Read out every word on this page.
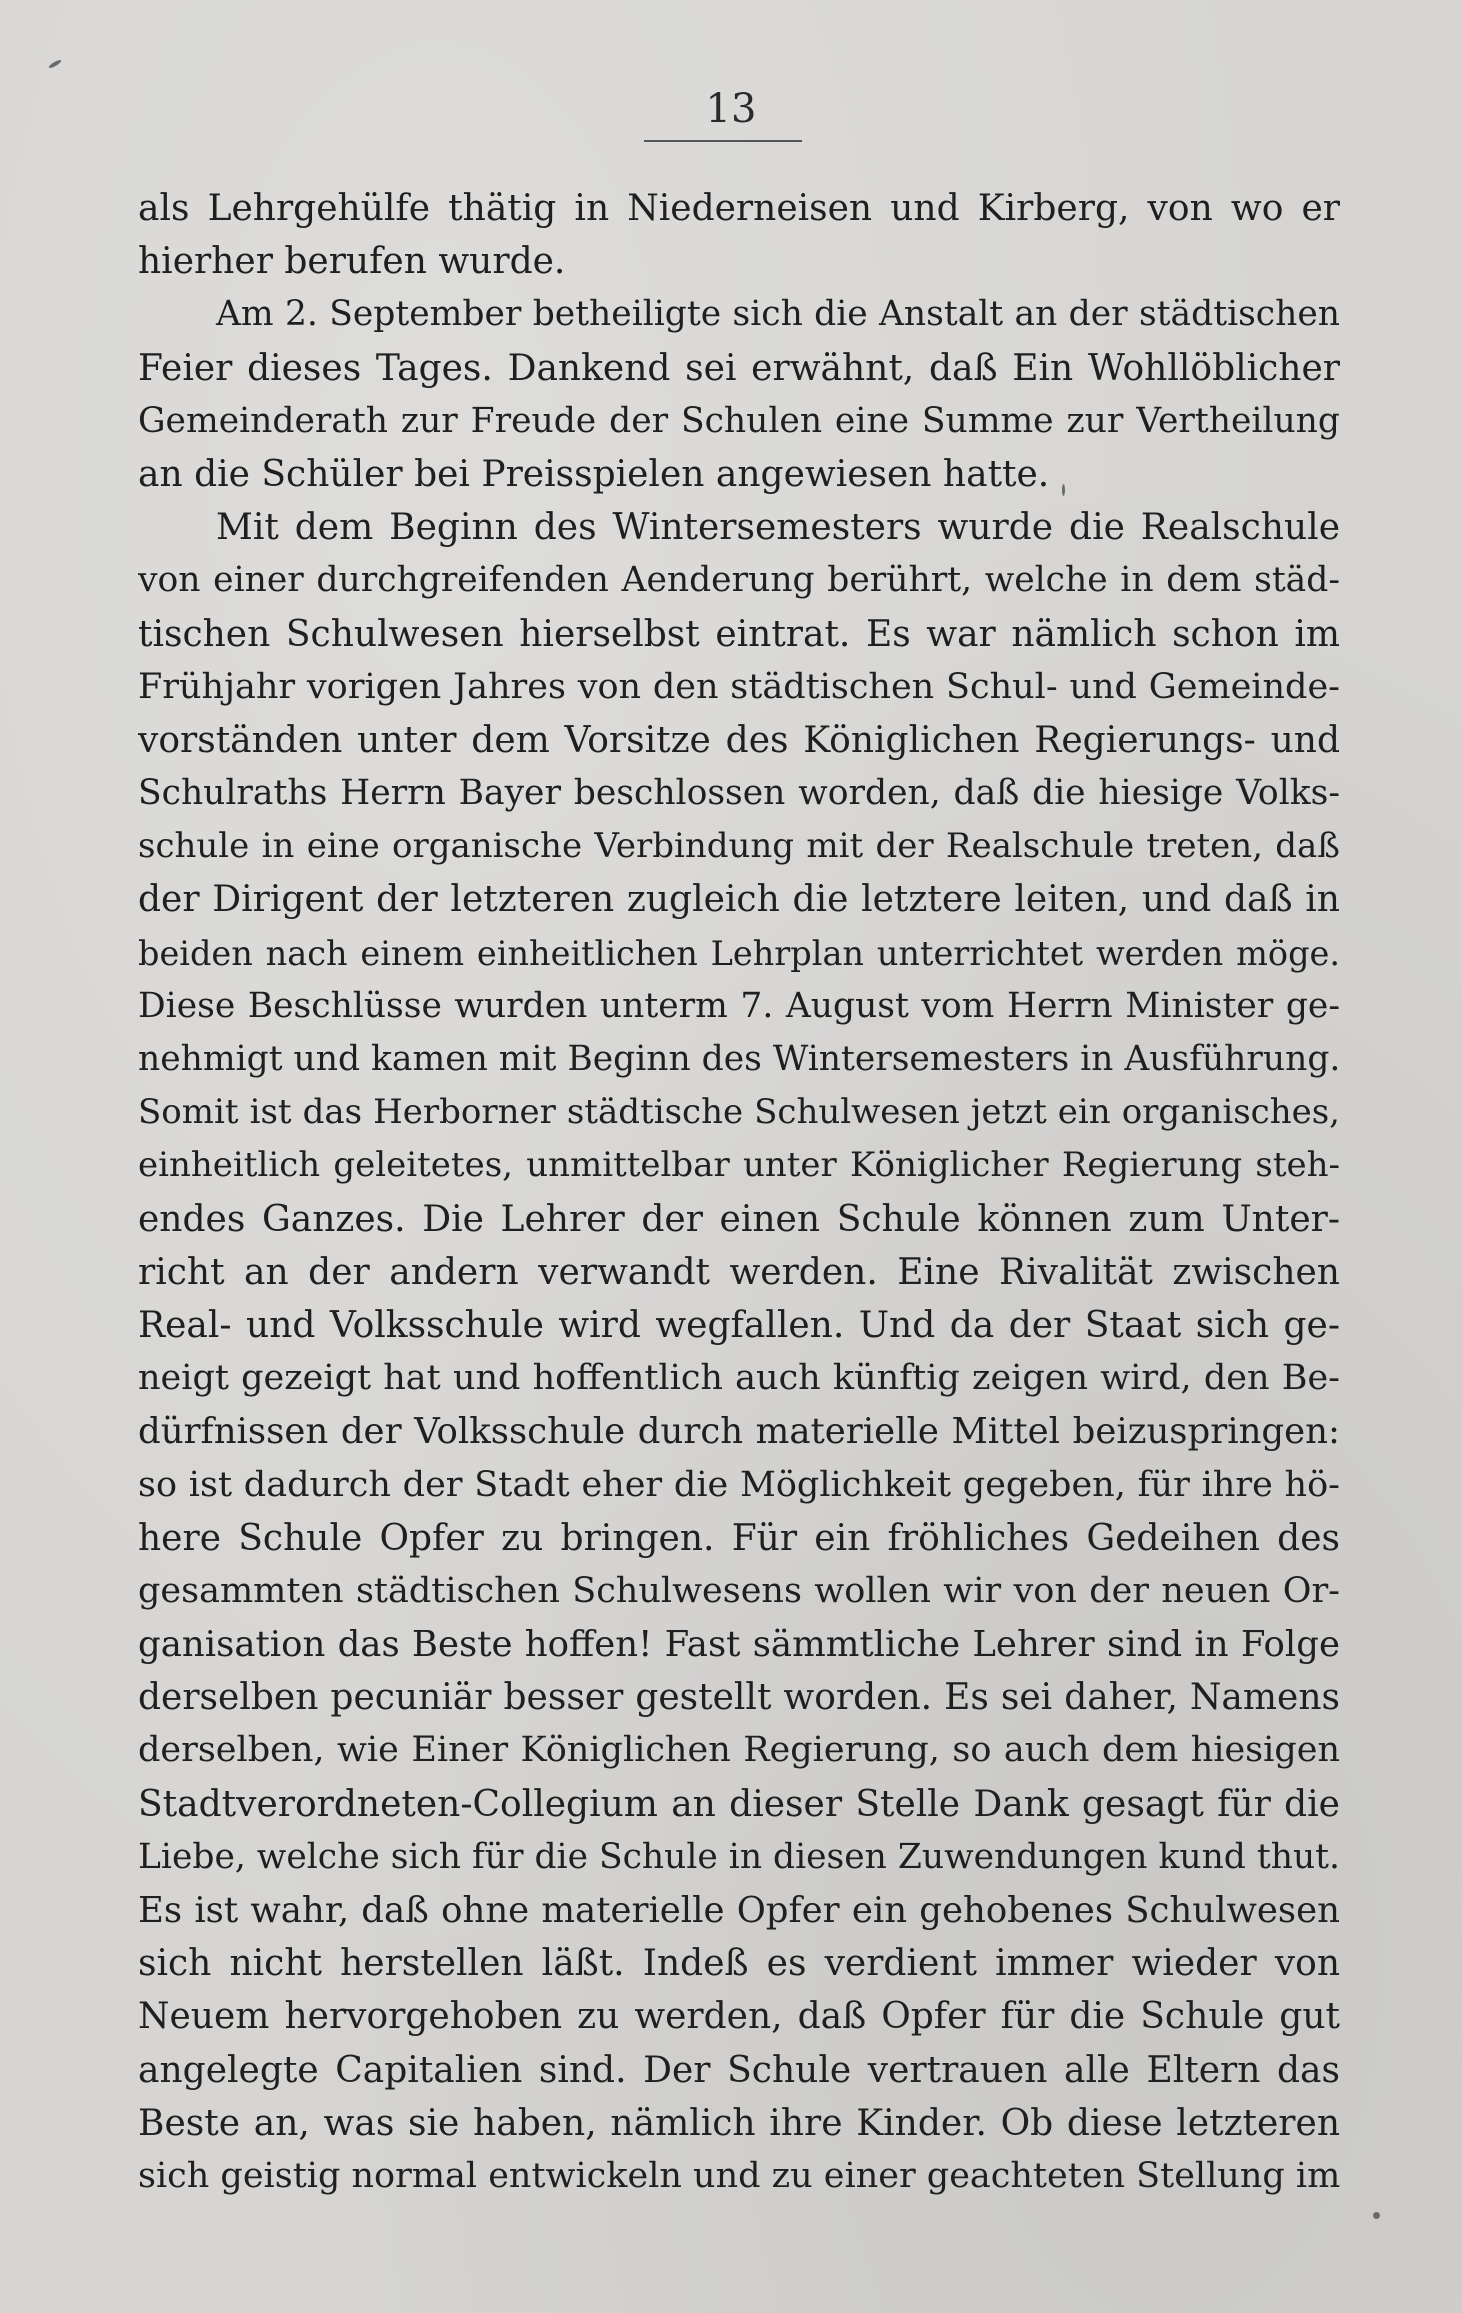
13
als Lehrgehülfe thätig in Niederneisen und Kirberg, von wo er
hierher berufen wurde.
Am 2. September betheiligte sich die Anstalt an der städtischen
Feier dieses Tages. Dankend sei erwähnt, daß Ein Wohllöblicher
Gemeinderath zur Freude der Schulen eine Summe zur Vertheilung
an die Schüler bei Preisspielen angewiesen hatte.
Mit dem Beginn des Wintersemesters wurde die Realschule
von einer durchgreifenden Aenderung berührt, welche in dem städ-
tischen Schulwesen hierselbst eintrat. Es war nämlich schon im
Frühjahr vorigen Jahres von den städtischen Schul- und Gemeinde-
vorständen unter dem Vorsitze des Königlichen Regierungs- und
Schulraths Herrn Bayer beschlossen worden, daß die hiesige Volks-
schule in eine organische Verbindung mit der Realschule treten, daß
der Dirigent der letzteren zugleich die letztere leiten, und daß in
beiden nach einem einheitlichen Lehrplan unterrichtet werden möge.
Diese Beschlüsse wurden unterm 7. August vom Herrn Minister ge-
nehmigt und kamen mit Beginn des Wintersemesters in Ausführung.
Somit ist das Herborner städtische Schulwesen jetzt ein organisches,
einheitlich geleitetes, unmittelbar unter Königlicher Regierung steh-
endes Ganzes. Die Lehrer der einen Schule können zum Unter-
richt an der andern verwandt werden. Eine Rivalität zwischen
Real- und Volksschule wird wegfallen. Und da der Staat sich ge-
neigt gezeigt hat und hoffentlich auch künftig zeigen wird, den Be-
dürfnissen der Volksschule durch materielle Mittel beizuspringen:
so ist dadurch der Stadt eher die Möglichkeit gegeben, für ihre hö-
here Schule Opfer zu bringen. Für ein fröhliches Gedeihen des
gesammten städtischen Schulwesens wollen wir von der neuen Or-
ganisation das Beste hoffen! Fast sämmtliche Lehrer sind in Folge
derselben pecuniär besser gestellt worden. Es sei daher, Namens
derselben, wie Einer Königlichen Regierung, so auch dem hiesigen
Stadtverordneten-Collegium an dieser Stelle Dank gesagt für die
Liebe, welche sich für die Schule in diesen Zuwendungen kund thut.
Es ist wahr, daß ohne materielle Opfer ein gehobenes Schulwesen
sich nicht herstellen läßt. Indeß es verdient immer wieder von
Neuem hervorgehoben zu werden, daß Opfer für die Schule gut
angelegte Capitalien sind. Der Schule vertrauen alle Eltern das
Beste an, was sie haben, nämlich ihre Kinder. Ob diese letzteren
sich geistig normal entwickeln und zu einer geachteten Stellung im
